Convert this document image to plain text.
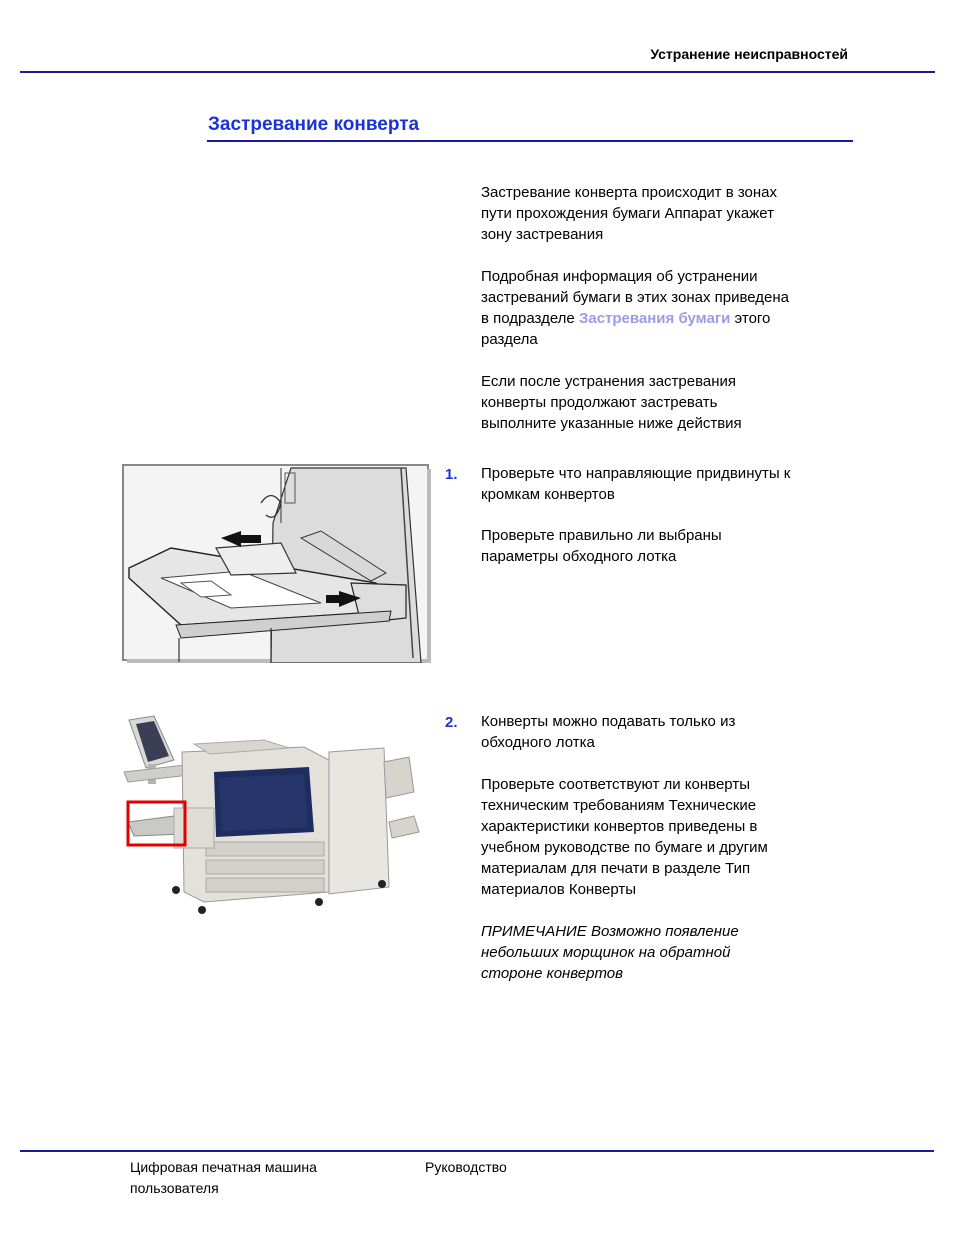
Устранение неисправностей
Застревание конверта
Застревание конверта происходит в зонах
пути прохождения бумаги Аппарат укажет
зону застревания
Подробная информация об устранении
застреваний бумаги в этих зонах приведена
в подразделе Застревания бумаги этого
раздела
Если после устранения застревания
конверты продолжают застревать
выполните указанные ниже действия
1. Проверьте что направляющие придвинуты к
кромкам конвертов
Проверьте правильно ли выбраны
параметры обходного лотка
2. Конверты можно подавать только из
обходного лотка
Проверьте соответствуют ли конверты
техническим требованиям Технические
характеристики конвертов приведены в
учебном руководстве по бумаге и другим
материалам для печати в разделе Тип
материалов Конверты
ПРИМЕЧАНИЕ Возможно появление
небольших морщинок на обратной
стороне конвертов
Цифровая печатная машина
пользователя
Руководство
